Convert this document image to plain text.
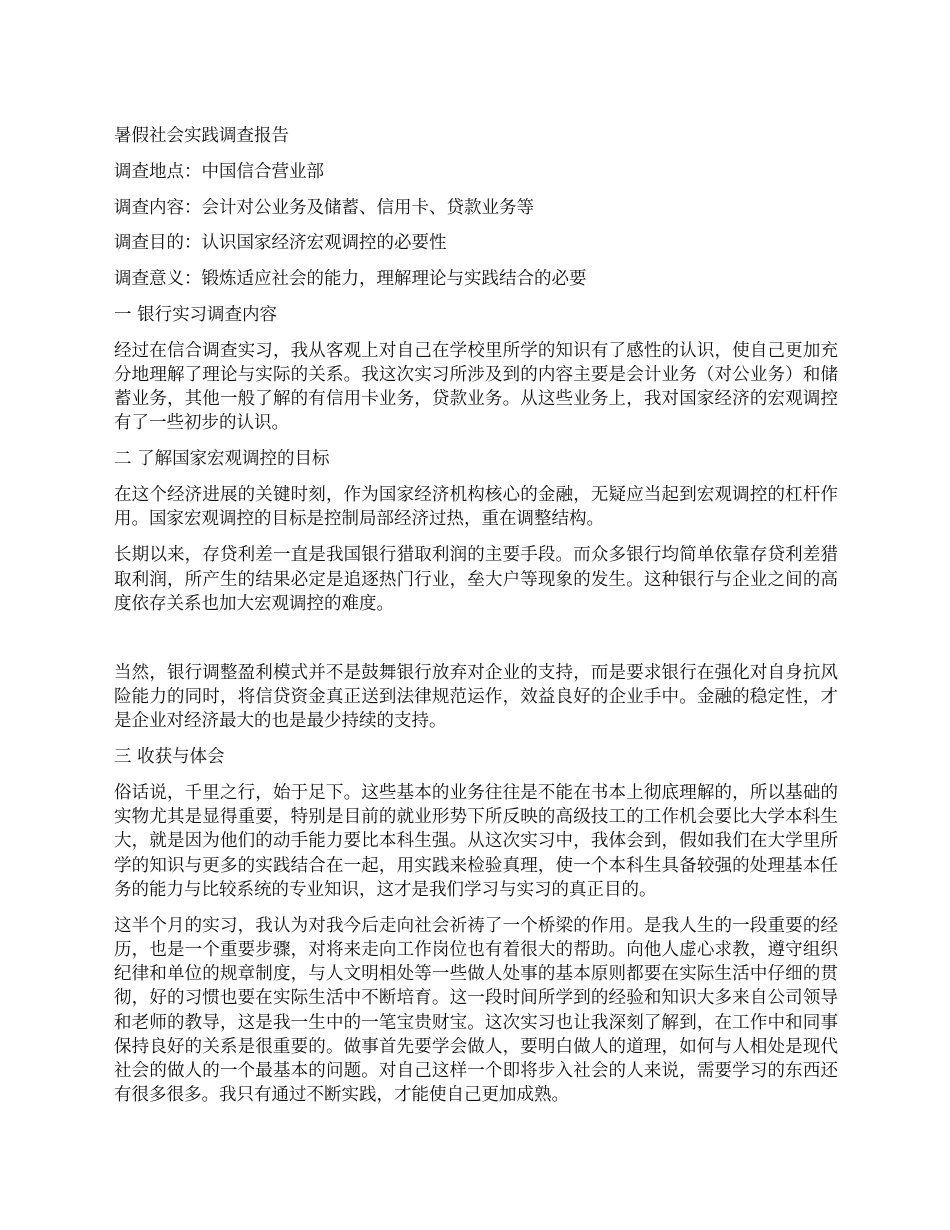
暑假社会实践调查报告
调查地点：中国信合营业部
调查内容：会计对公业务及储蓄、信用卡、贷款业务等
调查目的：认识国家经济宏观调控的必要性
调查意义：锻炼适应社会的能力，理解理论与实践结合的必要
一 银行实习调查内容

经过在信合调查实习，我从客观上对自己在学校里所学的知识有了感性的认识，使自己更加充分地理解了理论与实际的关系。我这次实习所涉及到的内容主要是会计业务（对公业务）和储蓄业务，其他一般了解的有信用卡业务，贷款业务。从这些业务上，我对国家经济的宏观调控有了一些初步的认识。

二 了解国家宏观调控的目标

在这个经济进展的关键时刻，作为国家经济机构核心的金融，无疑应当起到宏观调控的杠杆作用。国家宏观调控的目标是控制局部经济过热，重在调整结构。

长期以来，存贷利差一直是我国银行猎取利润的主要手段。而众多银行均简单依靠存贷利差猎取利润，所产生的结果必定是追逐热门行业，垒大户等现象的发生。这种银行与企业之间的高度依存关系也加大宏观调控的难度。

当然，银行调整盈利模式并不是鼓舞银行放弃对企业的支持，而是要求银行在强化对自身抗风险能力的同时，将信贷资金真正送到法律规范运作，效益良好的企业手中。金融的稳定性，才是企业对经济最大的也是最少持续的支持。

三 收获与体会

俗话说，千里之行，始于足下。这些基本的业务往往是不能在书本上彻底理解的，所以基础的实物尤其是显得重要，特别是目前的就业形势下所反映的高级技工的工作机会要比大学本科生大，就是因为他们的动手能力要比本科生强。从这次实习中，我体会到，假如我们在大学里所学的知识与更多的实践结合在一起，用实践来检验真理，使一个本科生具备较强的处理基本任务的能力与比较系统的专业知识，这才是我们学习与实习的真正目的。

这半个月的实习，我认为对我今后走向社会祈祷了一个桥梁的作用。是我人生的一段重要的经历，也是一个重要步骤，对将来走向工作岗位也有着很大的帮助。向他人虚心求教，遵守组织纪律和单位的规章制度，与人文明相处等一些做人处事的基本原则都要在实际生活中仔细的贯彻，好的习惯也要在实际生活中不断培育。这一段时间所学到的经验和知识大多来自公司领导和老师的教导，这是我一生中的一笔宝贵财宝。这次实习也让我深刻了解到，在工作中和同事保持良好的关系是很重要的。做事首先要学会做人，要明白做人的道理，如何与人相处是现代社会的做人的一个最基本的问题。对自己这样一个即将步入社会的人来说，需要学习的东西还有很多很多。我只有通过不断实践，才能使自己更加成熟。
